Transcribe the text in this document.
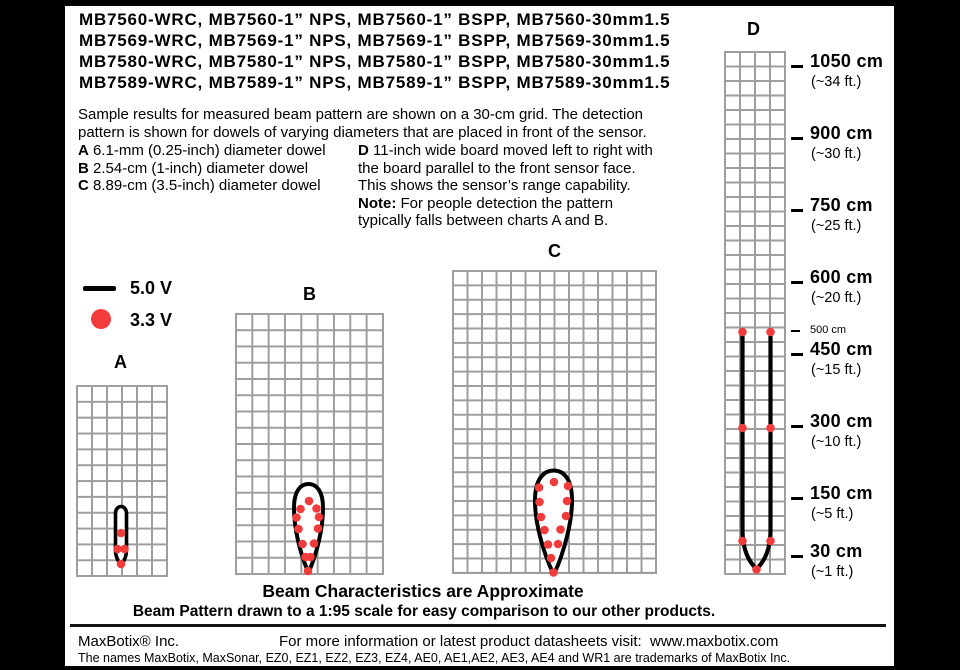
MB7560-WRC, MB7560-1” NPS, MB7560-1” BSPP, MB7560-30mm1.5
MB7569-WRC, MB7569-1” NPS, MB7569-1” BSPP, MB7569-30mm1.5
MB7580-WRC, MB7580-1” NPS, MB7580-1” BSPP, MB7580-30mm1.5
MB7589-WRC, MB7589-1” NPS, MB7589-1” BSPP, MB7589-30mm1.5
Sample results for measured beam pattern are shown on a 30-cm grid. The detection
pattern is shown for dowels of varying diameters that are placed in front of the sensor.
A 6.1-mm (0.25-inch) diameter dowel
B 2.54-cm (1-inch) diameter dowel
C 8.89-cm (3.5-inch) diameter dowel
D 11-inch wide board moved left to right with
the board parallel to the front sensor face.
This shows the sensor’s range capability.
Note: For people detection the pattern
typically falls between charts A and B.
5.0 V
3.3 V
A
B
C
D
1050 cm
(~34 ft.)
900 cm
(~30 ft.)
750 cm
(~25 ft.)
600 cm
(~20 ft.)
500 cm
450 cm
(~15 ft.)
300 cm
(~10 ft.)
150 cm
(~5 ft.)
30 cm
(~1 ft.)
Beam Characteristics are Approximate
Beam Pattern drawn to a 1:95 scale for easy comparison to our other products.
MaxBotix® Inc.	For more information or latest product datasheets visit:  www.maxbotix.com
The names MaxBotix, MaxSonar, EZ0, EZ1, EZ2, EZ3, EZ4, AE0, AE1,AE2, AE3, AE4 and WR1 are trademarks of MaxBotix Inc.
